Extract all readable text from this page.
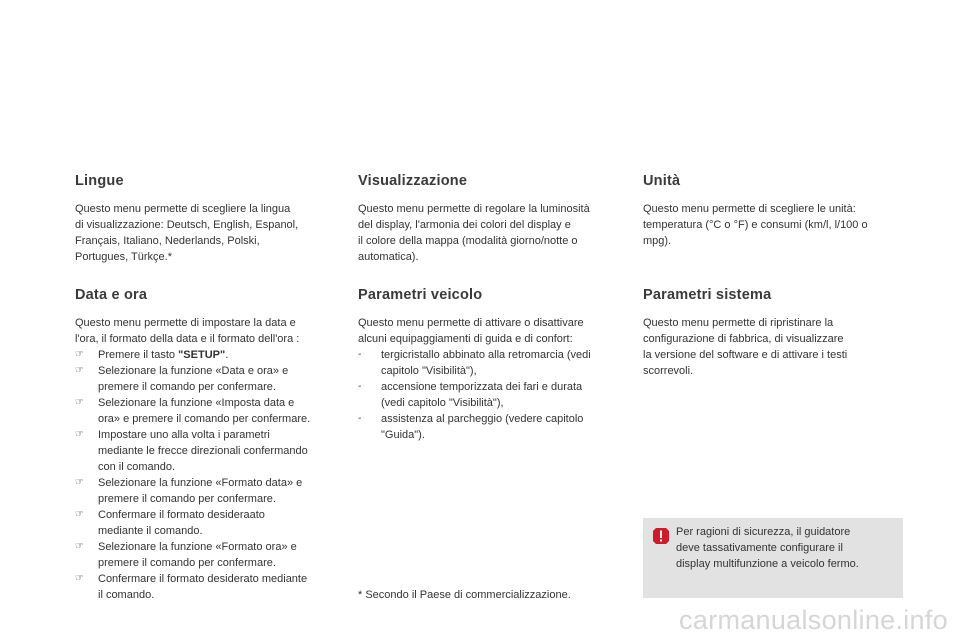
Lingue

Questo menu permette di scegliere la lingua
di visualizzazione: Deutsch, English, Espanol,
Français, Italiano, Nederlands, Polski,
Portugues, Türkçe.*

Data e ora

Questo menu permette di impostare la data e
l'ora, il formato della data e il formato dell'ora :

☞	Premere il tasto "SETUP".
☞	Selezionare la funzione «Data e ora» e
premere il comando per confermare.
☞	Selezionare la funzione «Imposta data e
ora» e premere il comando per confermare.
☞	Impostare uno alla volta i parametri
mediante le frecce direzionali confermando
con il comando.
☞	Selezionare la funzione «Formato data» e
premere il comando per confermare.
☞	Confermare il formato desideraato
mediante il comando.
☞	Selezionare la funzione «Formato ora» e
premere il comando per confermare.
☞	Confermare il formato desiderato mediante
il comando.
Visualizzazione

Questo menu permette di regolare la luminosità
del display, l'armonia dei colori del display e
il colore della mappa (modalità giorno/notte o
automatica).

Parametri veicolo

Questo menu permette di attivare o disattivare
alcuni equipaggiamenti di guida e di confort:

-	tergicristallo abbinato alla retromarcia (vedi
capitolo "Visibilità"),
-	accensione temporizzata dei fari e durata
(vedi capitolo "Visibilità"),
-	assistenza al parcheggio (vedere capitolo
"Guida").
Unità

Questo menu permette di scegliere le unità:
temperatura (°C o °F) e consumi (km/l, l/100 o
mpg).

Parametri sistema

Questo menu permette di ripristinare la
configurazione di fabbrica, di visualizzare
la versione del software e di attivare i testi
scorrevoli.

Per ragioni di sicurezza, il guidatore
deve tassativamente configurare il
display multifunzione a veicolo fermo.
* Secondo il Paese di commercializzazione.
carmanualsonline.info
